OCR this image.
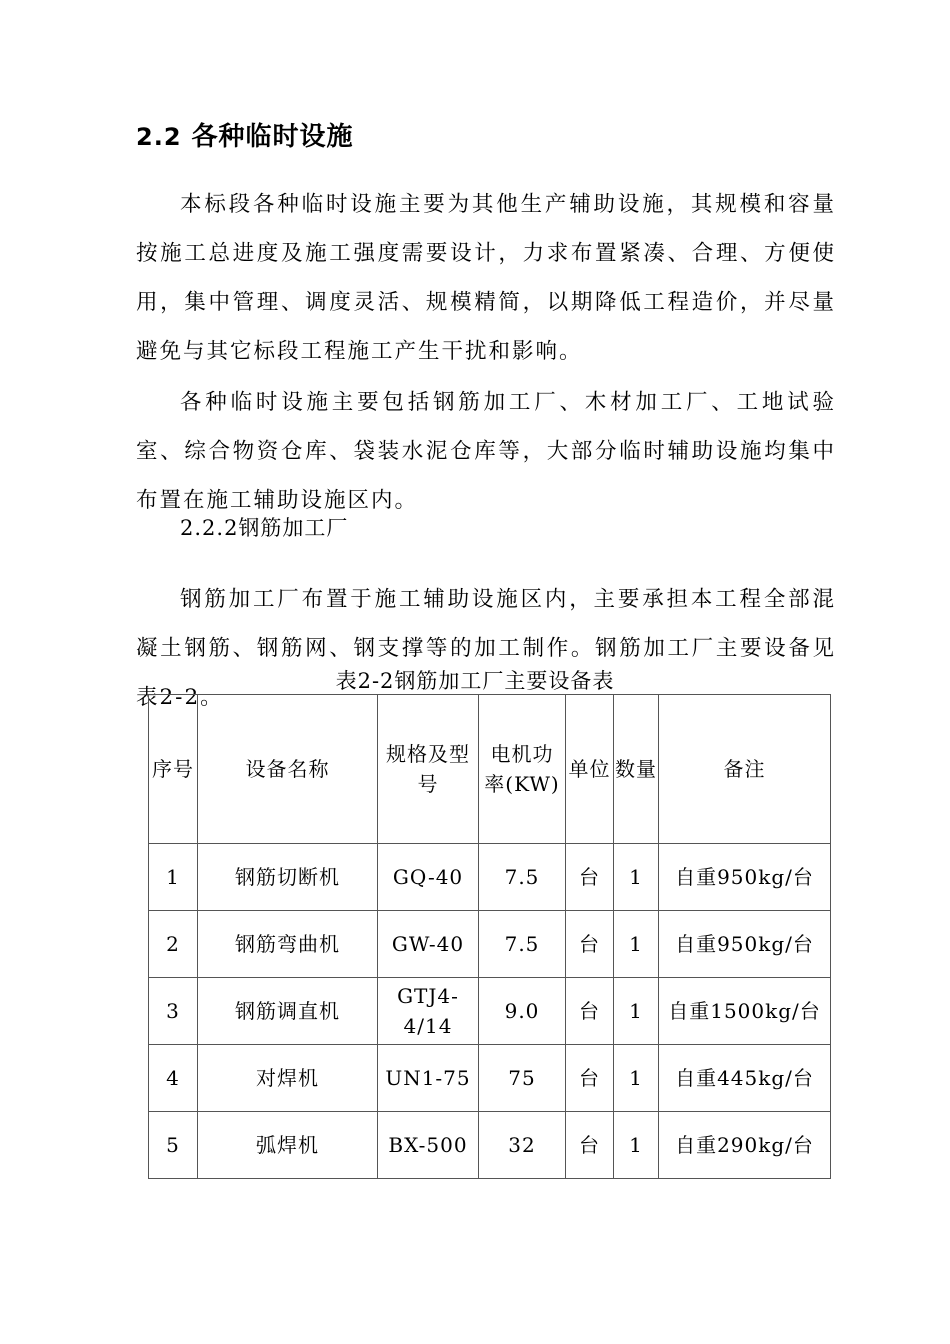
2.2 各种临时设施

本标段各种临时设施主要为其他生产辅助设施，其规模和容量按施工总进度及施工强度需要设计，力求布置紧凑、合理、方便使用，集中管理、调度灵活、规模精简，以期降低工程造价，并尽量避免与其它标段工程施工产生干扰和影响。

各种临时设施主要包括钢筋加工厂、木材加工厂、工地试验室、综合物资仓库、袋装水泥仓库等，大部分临时辅助设施均集中布置在施工辅助设施区内。

2.2.2钢筋加工厂

钢筋加工厂布置于施工辅助设施区内，主要承担本工程全部混凝土钢筋、钢筋网、钢支撑等的加工制作。钢筋加工厂主要设备见表2-2。

表2-2钢筋加工厂主要设备表
序号	设备名称	规格及型号	电机功率(KW)	单位	数量	备注
1	钢筋切断机	GQ-40	7.5	台	1	自重950kg/台
2	钢筋弯曲机	GW-40	7.5	台	1	自重950kg/台
3	钢筋调直机	GTJ4-4/14	9.0	台	1	自重1500kg/台
4	对焊机	UN1-75	75	台	1	自重445kg/台
5	弧焊机	BX-500	32	台	1	自重290kg/台
